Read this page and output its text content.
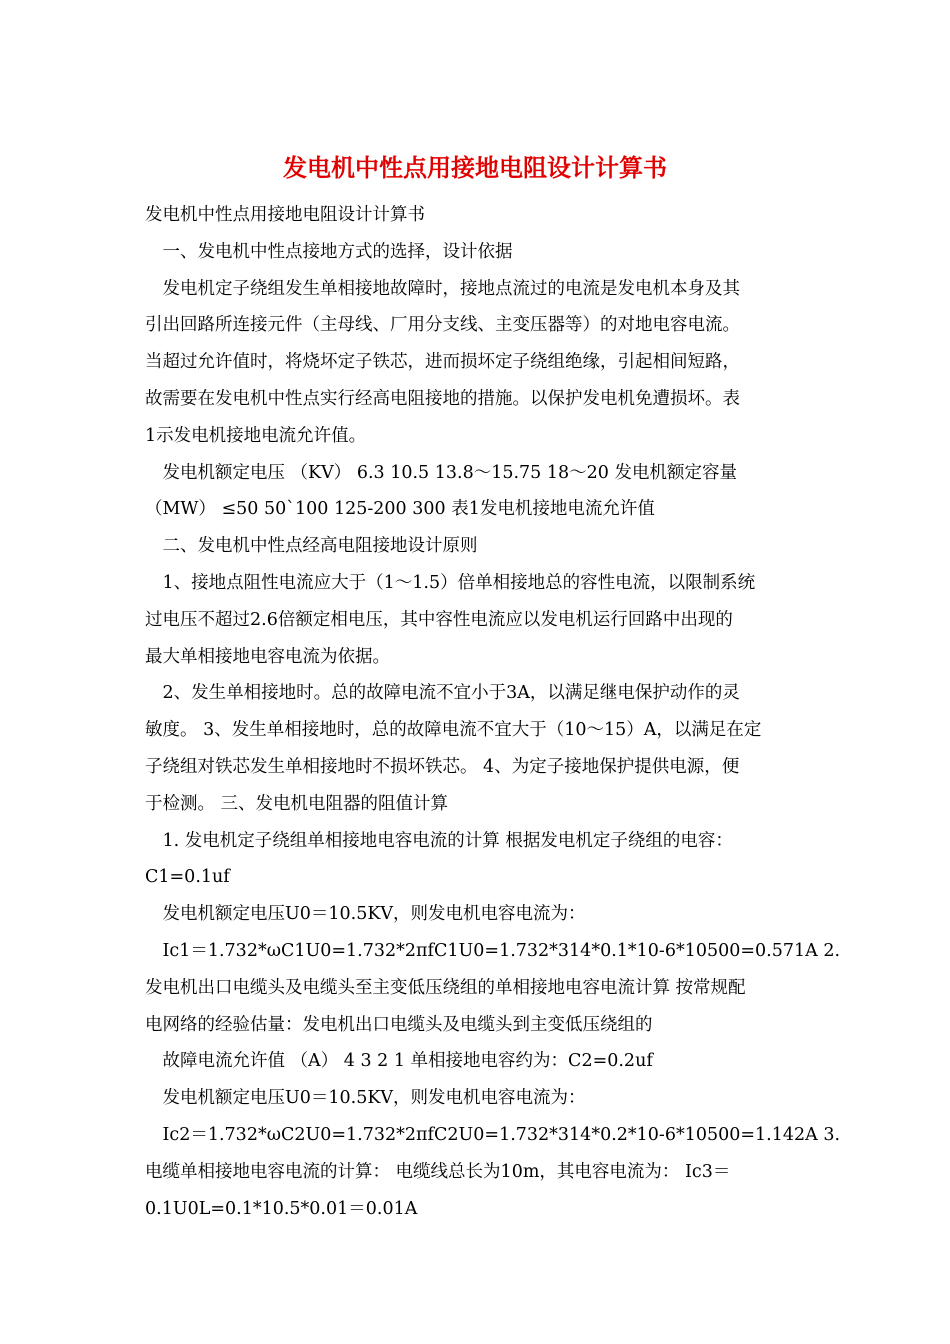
发电机中性点用接地电阻设计计算书

发电机中性点用接地电阻设计计算书

　一、发电机中性点接地方式的选择，设计依据

　发电机定子绕组发生单相接地故障时，接地点流过的电流是发电机本身及其

引出回路所连接元件（主母线、厂用分支线、主变压器等）的对地电容电流。

当超过允许值时，将烧坏定子铁芯，进而损坏定子绕组绝缘，引起相间短路，

故需要在发电机中性点实行经高电阻接地的措施。以保护发电机免遭损坏。表

1示发电机接地电流允许值。

　发电机额定电压 （KV） 6.3 10.5 13.8～15.75 18～20 发电机额定容量

（MW） ≤50 50`100 125-200 300 表1发电机接地电流允许值

　二、发电机中性点经高电阻接地设计原则

　1、接地点阻性电流应大于（1～1.5）倍单相接地总的容性电流，以限制系统

过电压不超过2.6倍额定相电压，其中容性电流应以发电机运行回路中出现的

最大单相接地电容电流为依据。

　2、发生单相接地时。总的故障电流不宜小于3A，以满足继电保护动作的灵

敏度。 3、发生单相接地时，总的故障电流不宜大于（10～15）A，以满足在定

子绕组对铁芯发生单相接地时不损坏铁芯。 4、为定子接地保护提供电源，便

于检测。 三、发电机电阻器的阻值计算

　1. 发电机定子绕组单相接地电容电流的计算 根据发电机定子绕组的电容：

C1=0.1uf

　发电机额定电压U0＝10.5KV，则发电机电容电流为：

　Ic1＝1.732*ωC1U0=1.732*2πfC1U0=1.732*314*0.1*10-6*10500=0.571A 2.

发电机出口电缆头及电缆头至主变低压绕组的单相接地电容电流计算 按常规配

电网络的经验估量：发电机出口电缆头及电缆头到主变低压绕组的

　故障电流允许值 （A） 4 3 2 1 单相接地电容约为：C2=0.2uf

　发电机额定电压U0＝10.5KV，则发电机电容电流为：

　Ic2＝1.732*ωC2U0=1.732*2πfC2U0=1.732*314*0.2*10-6*10500=1.142A 3.

电缆单相接地电容电流的计算： 电缆线总长为10m，其电容电流为： Ic3＝

0.1U0L=0.1*10.5*0.01＝0.01A
